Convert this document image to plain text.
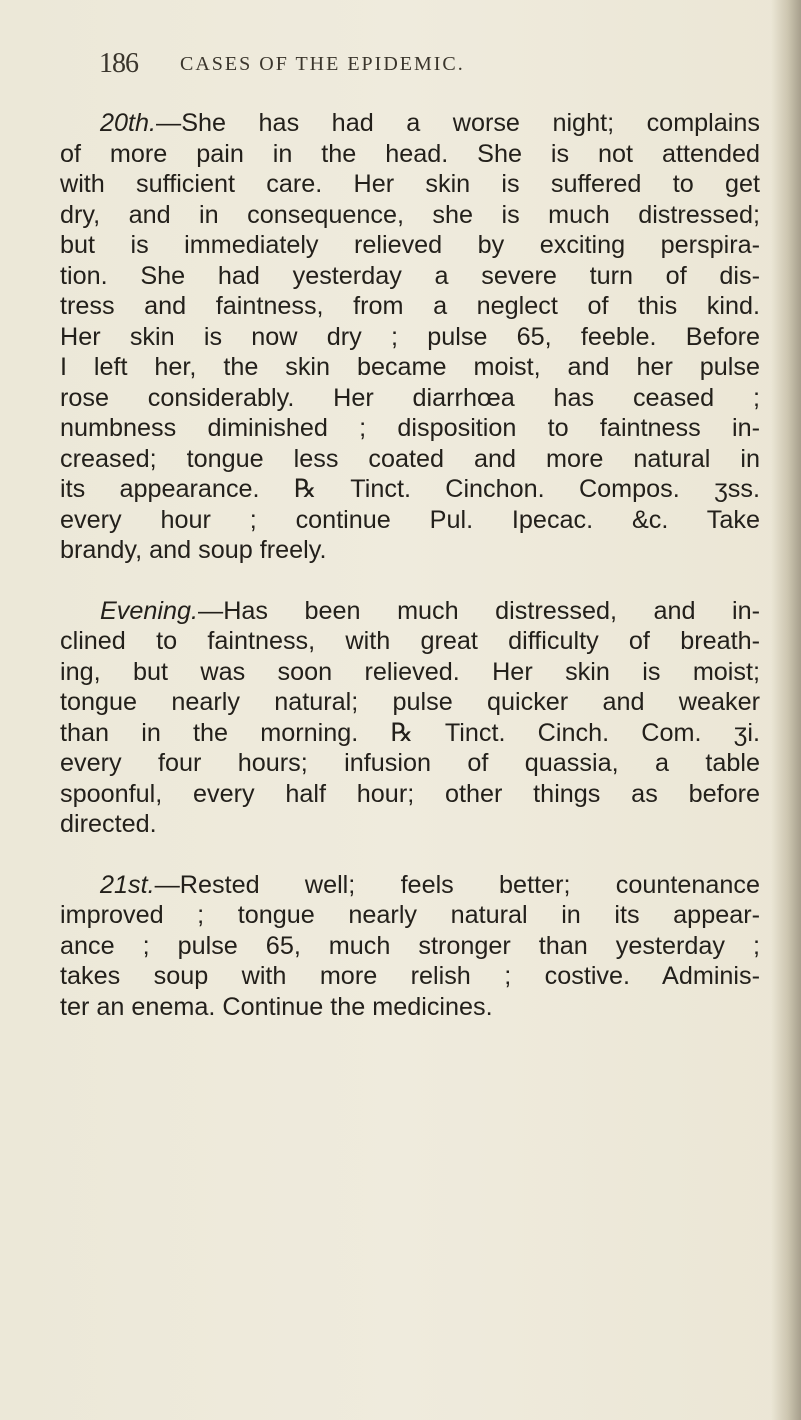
186 CASES OF THE EPIDEMIC.
20th.—She has had a worse night; complains
of more pain in the head. She is not attended
with sufficient care. Her skin is suffered to get
dry, and in consequence, she is much distressed;
but is immediately relieved by exciting perspira-
tion. She had yesterday a severe turn of dis-
tress and faintness, from a neglect of this kind.
Her skin is now dry ; pulse 65, feeble. Before
I left her, the skin became moist, and her pulse
rose considerably. Her diarrhœa has ceased ;
numbness diminished ; disposition to faintness in-
creased; tongue less coated and more natural in
its appearance. ℞ Tinct. Cinchon. Compos. ʒss.
every hour ; continue Pul. Ipecac. &c. Take
brandy, and soup freely.
Evening.—Has been much distressed, and in-
clined to faintness, with great difficulty of breath-
ing, but was soon relieved. Her skin is moist;
tongue nearly natural; pulse quicker and weaker
than in the morning. ℞ Tinct. Cinch. Com. ʒi.
every four hours; infusion of quassia, a table
spoonful, every half hour; other things as before
directed.
21st.—Rested well; feels better; countenance
improved ; tongue nearly natural in its appear-
ance ; pulse 65, much stronger than yesterday ;
takes soup with more relish ; costive. Adminis-
ter an enema. Continue the medicines.
